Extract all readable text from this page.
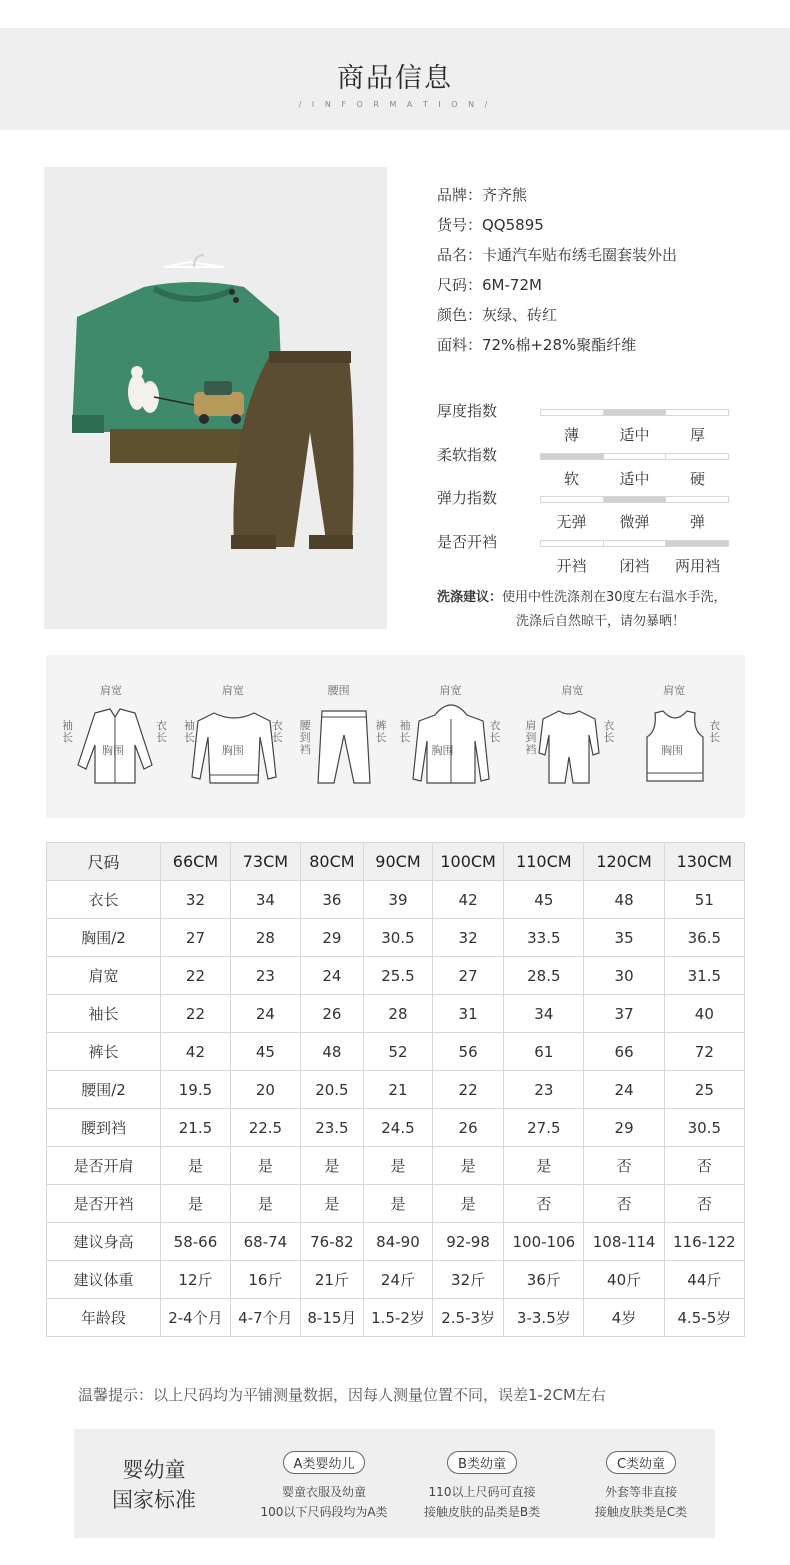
商品信息
/ I N F O R M A T I O N /
品牌：齐齐熊
货号：QQ5895
品名：卡通汽车贴布绣毛圈套装外出
尺码：6M-72M
颜色：灰绿、砖红
面料：72%棉+28%聚酯纤维
厚度指数
薄	适中	厚
柔软指数
软	适中	硬
弹力指数
无弹	微弹	弹
是否开裆
开裆	闭裆	两用裆
洗涤建议：使用中性洗涤剂在30度左右温水手洗，
洗涤后自然晾干，请勿暴晒！
肩宽
袖长
衣长
胸围
肩宽
袖长
衣长
胸围
腰围
腰到裆
裤长
肩宽
袖长
衣长
胸围
肩宽
肩到裆
衣长
肩宽
衣长
胸围
尺码	66CM	73CM	80CM	90CM	100CM	110CM	120CM	130CM
衣长	32	34	36	39	42	45	48	51
胸围/2	27	28	29	30.5	32	33.5	35	36.5
肩宽	22	23	24	25.5	27	28.5	30	31.5
袖长	22	24	26	28	31	34	37	40
裤长	42	45	48	52	56	61	66	72
腰围/2	19.5	20	20.5	21	22	23	24	25
腰到裆	21.5	22.5	23.5	24.5	26	27.5	29	30.5
是否开肩	是	是	是	是	是	是	否	否
是否开裆	是	是	是	是	是	否	否	否
建议身高	58-66	68-74	76-82	84-90	92-98	100-106	108-114	116-122
建议体重	12斤	16斤	21斤	24斤	32斤	36斤	40斤	44斤
年龄段	2-4个月	4-7个月	8-15月	1.5-2岁	2.5-3岁	3-3.5岁	4岁	4.5-5岁
温馨提示：以上尺码均为平铺测量数据，因每人测量位置不同，误差1-2CM左右
婴幼童
国家标准
A类婴幼儿
婴童衣服及幼童
100以下尺码段均为A类
B类幼童
110以上尺码可直接
接触皮肤的品类是B类
C类幼童
外套等非直接
接触皮肤类是C类
